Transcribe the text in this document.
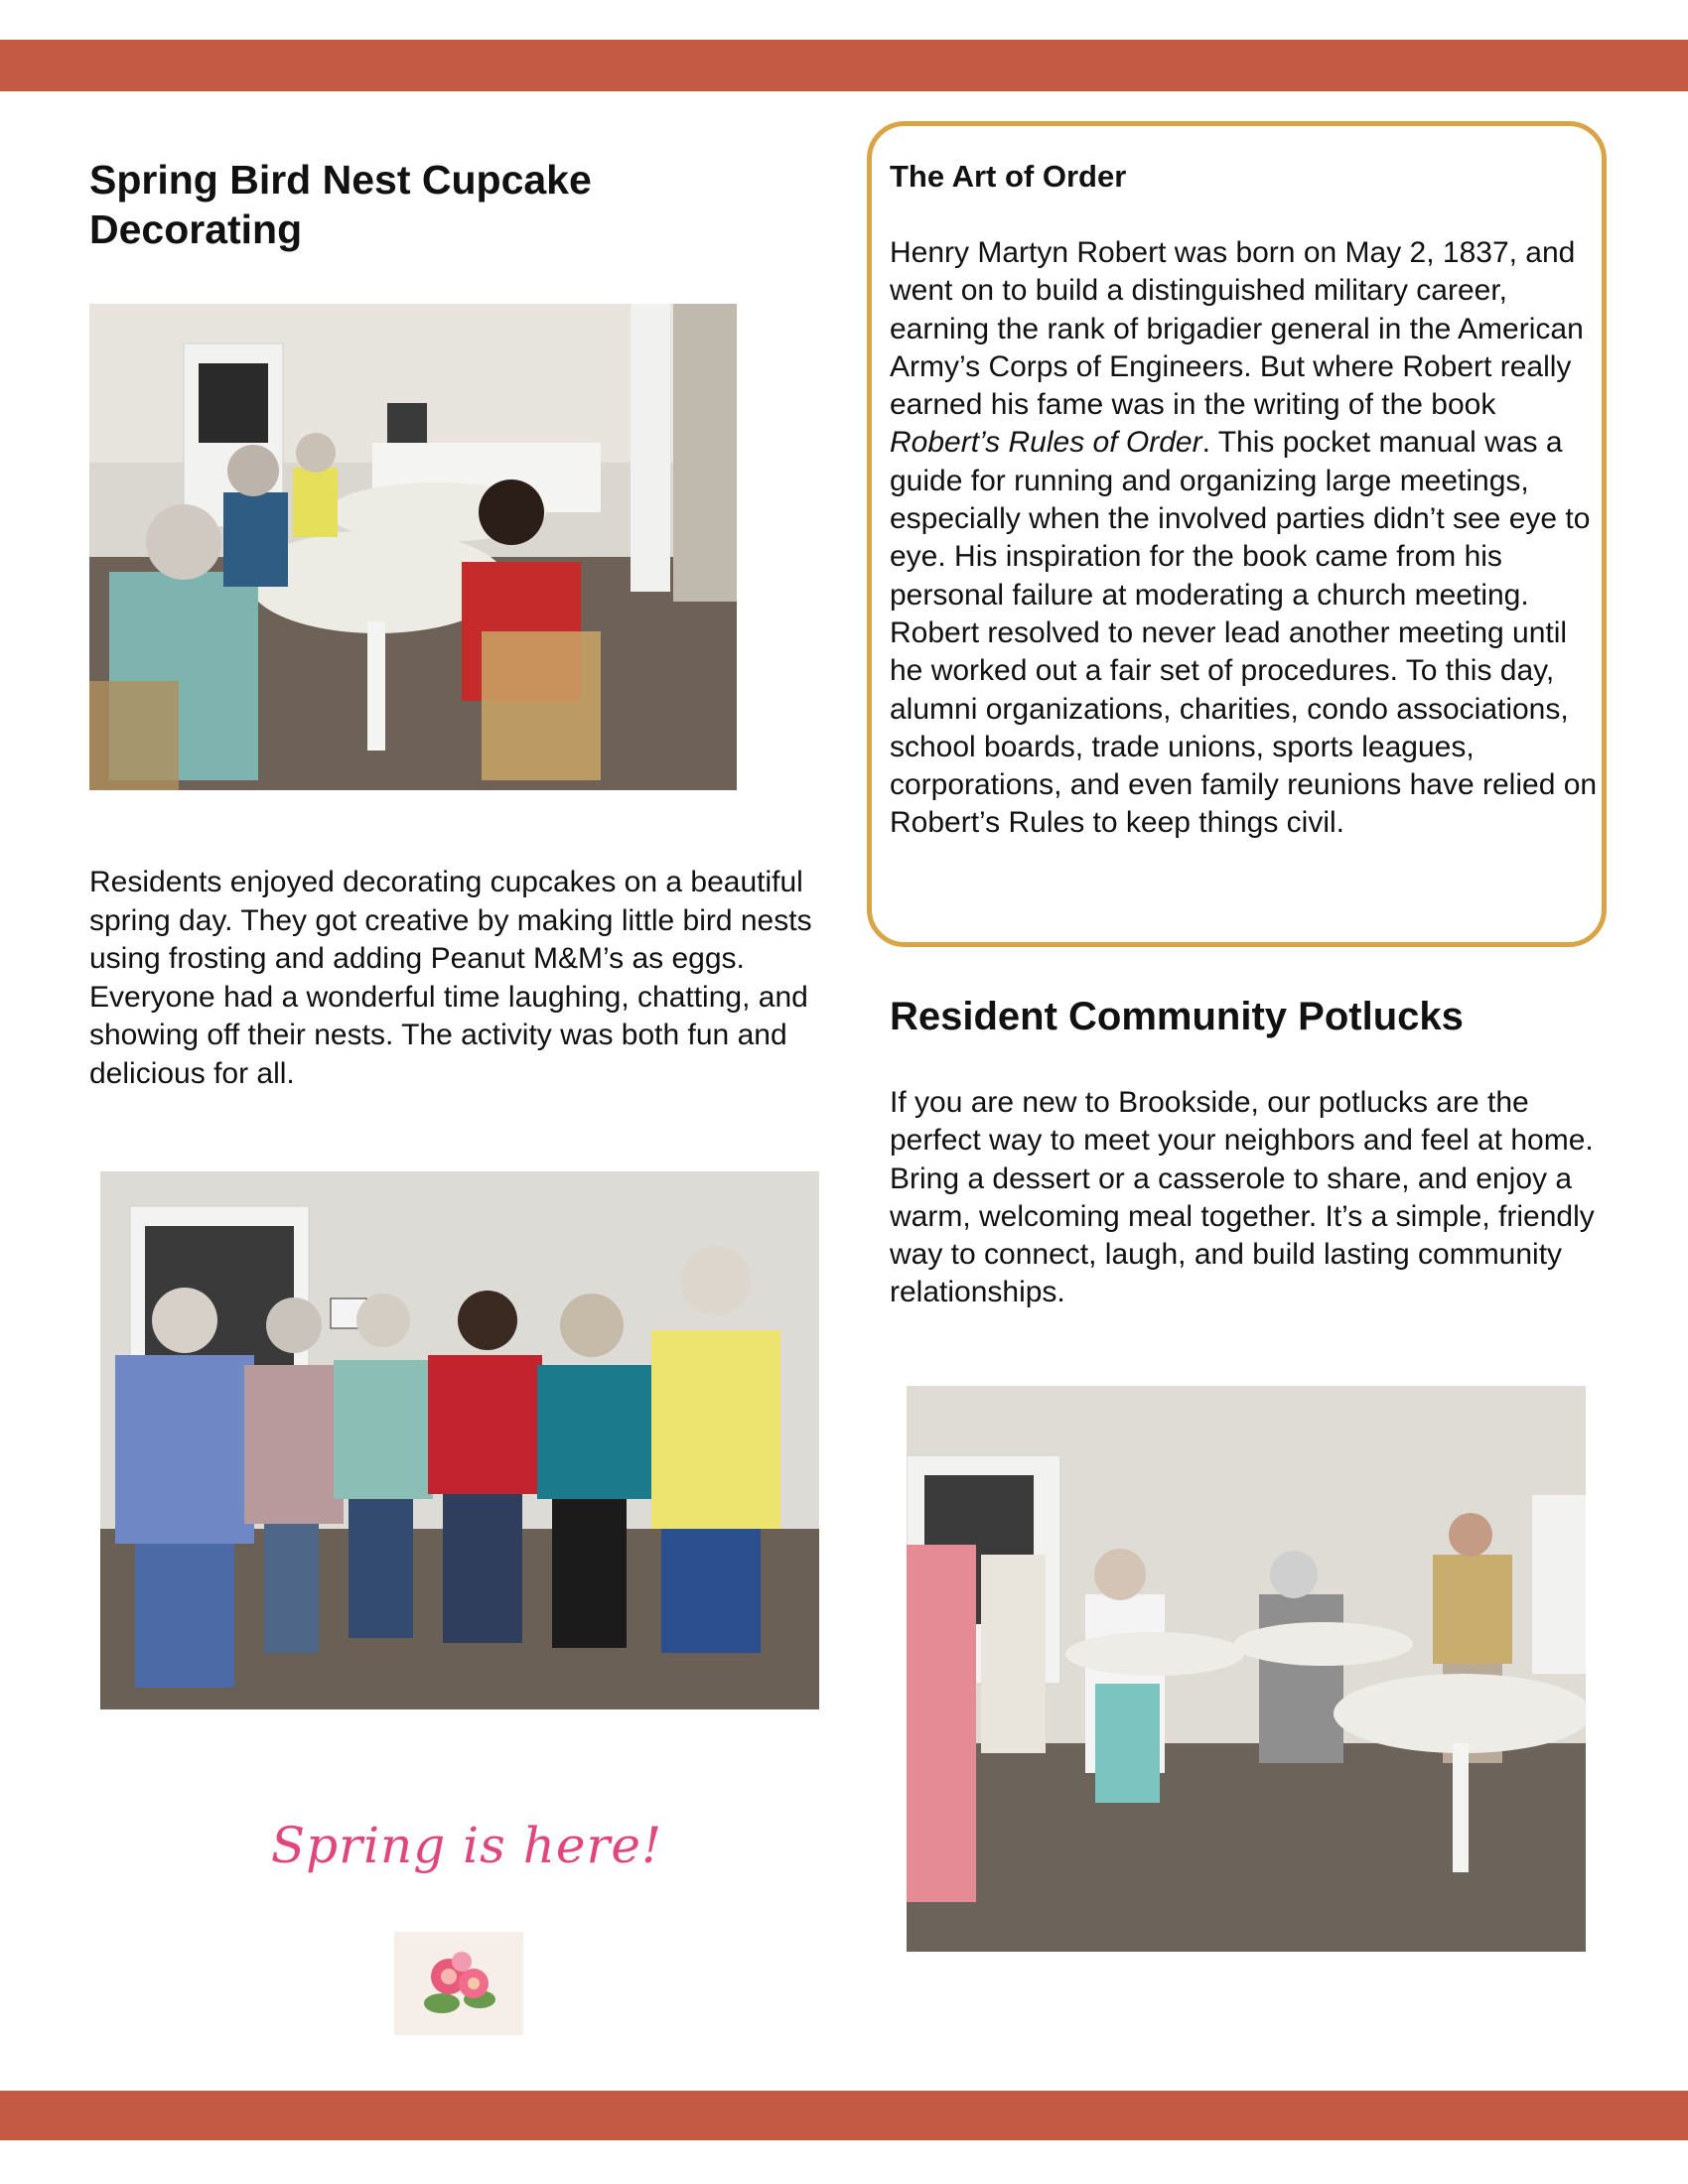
Spring Bird Nest Cupcake Decorating

Residents enjoyed decorating cupcakes on a beautiful spring day. They got creative by making little bird nests using frosting and adding Peanut M&M’s as eggs. Everyone had a wonderful time laughing, chatting, and showing off their nests. The activity was both fun and delicious for all.

Spring is here!
The Art of Order

Henry Martyn Robert was born on May 2, 1837, and went on to build a distinguished military career, earning the rank of brigadier general in the American Army’s Corps of Engineers. But where Robert really earned his fame was in the writing of the book Robert’s Rules of Order. This pocket manual was a guide for running and organizing large meetings, especially when the involved parties didn’t see eye to eye. His inspiration for the book came from his personal failure at moderating a church meeting. Robert resolved to never lead another meeting until he worked out a fair set of procedures. To this day, alumni organizations, charities, condo associations, school boards, trade unions, sports leagues, corporations, and even family reunions have relied on Robert’s Rules to keep things civil.

Resident Community Potlucks

If you are new to Brookside, our potlucks are the perfect way to meet your neighbors and feel at home. Bring a dessert or a casserole to share, and enjoy a warm, welcoming meal together. It’s a simple, friendly way to connect, laugh, and build lasting community relationships.
